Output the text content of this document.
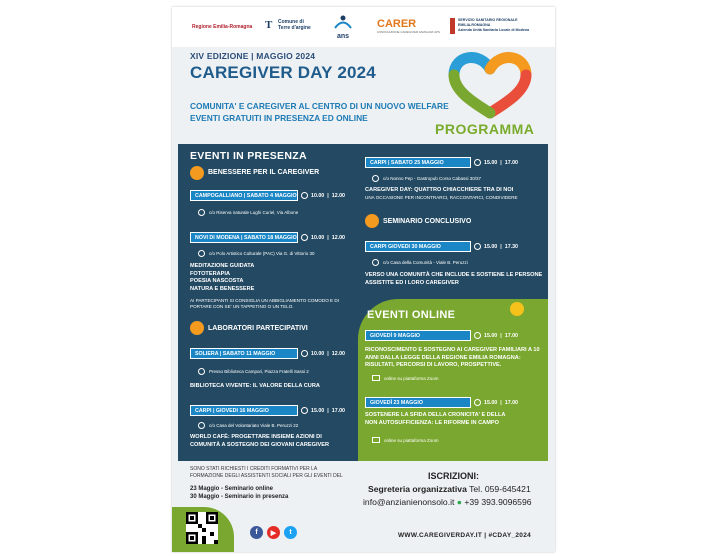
Regione Emilia-Romagna T Comune di
Terre d'argine
ans
CARER
ASSOCIAZIONE CAREGIVER FAMILIARI APS
SERVIZIO SANITARIO REGIONALE
EMILIA-ROMAGNA
Azienda Unità Sanitaria Locale di Modena
XIV EDIZIONE | MAGGIO 2024
CAREGIVER DAY 2024
COMUNITA' E CAREGIVER AL CENTRO DI UN NUOVO WELFARE
EVENTI GRATUITI IN PRESENZA ED ONLINE
PROGRAMMA
EVENTI IN PRESENZA
BENESSERE PER IL CAREGIVER
CAMPOGALLIANO | SABATO 4 MAGGIO	10.00 | 12.00
c/o Riserva naturale Lughi Curiel, Via Albone
NOVI DI MODENA | SABATO 18 MAGGIO	10.00 | 12.00
c/o Polo Artistico Culturale (PAC) Via G. di Vittorio 30
MEDITAZIONE GUIDATA
FOTOTERAPIA
POESIA NASCOSTA
NATURA E BENESSERE
AI PARTECIPANTI SI CONSIGLIA UN ABBIGLIAMENTO COMODO E DI PORTARE CON SE' UN TAPPETINO O UN TELO.
LABORATORI PARTECIPATIVI
SOLIERA | SABATO 11 MAGGIO	10.00 | 12.00
Presso Biblioteca Campori, Piazza Fratelli Sassi 2
BIBLIOTECA VIVENTE: IL VALORE DELLA CURA
CARPI | GIOVEDI 16 MAGGIO	15.00 | 17.00
c/o Casa del Volontariato Viale B. Peruzzi 22
WORLD CAFÈ: PROGETTARE INSIEME AZIONI DI COMUNITÀ A SOSTEGNO DEI GIOVANI CAREGIVER
CARPI | SABATO 25 MAGGIO	15.00 | 17.00
c/o Nonno Pep - Gastropub Corso Cabassi 30/37
CAREGIVER DAY: QUATTRO CHIACCHIERE TRA DI NOI
UNA OCCASIONE PER INCONTRARCI, RACCONTARCI, CONDIVIDERE
SEMINARIO CONCLUSIVO
CARPI GIOVEDI 30 MAGGIO	15.00 | 17.30
c/o Casa della Comunità - Viale B. Peruzzi
VERSO UNA COMUNITÀ CHE INCLUDE E SOSTIENE LE PERSONE ASSISTITE ED I LORO CAREGIVER
EVENTI ONLINE
GIOVEDÌ 9 MAGGIO	15.00 | 17.00
RICONOSCIMENTO E SOSTEGNO AI CAREGIVER FAMILIARI A 10 ANNI DALLA LEGGE DELLA REGIONE EMILIA ROMAGNA: RISULTATI, PERCORSI DI LAVORO, PROSPETTIVE.
online su piattaforma Zoom
GIOVEDÌ 23 MAGGIO	15.00 | 17.00
SOSTENERE LA SFIDA DELLA CRONICITA' E DELLA NON AUTOSUFFICIENZA: LE RIFORME IN CAMPO
online su piattaforma Zoom
SONO STATI RICHIESTI I CREDITI FORMATIVI PER LA FORMAZIONE DEGLI ASSISTENTI SOCIALI PER GLI EVENTI DEL
23 Maggio - Seminario online
30 Maggio - Seminario in presenza
ISCRIZIONI:
Segreteria organizzativa Tel. 059-645421
info@anzianienonsolo.it ● +39 393.9096596
f	▶	t	WWW.CAREGIVERDAY.IT | #CDAY_2024
